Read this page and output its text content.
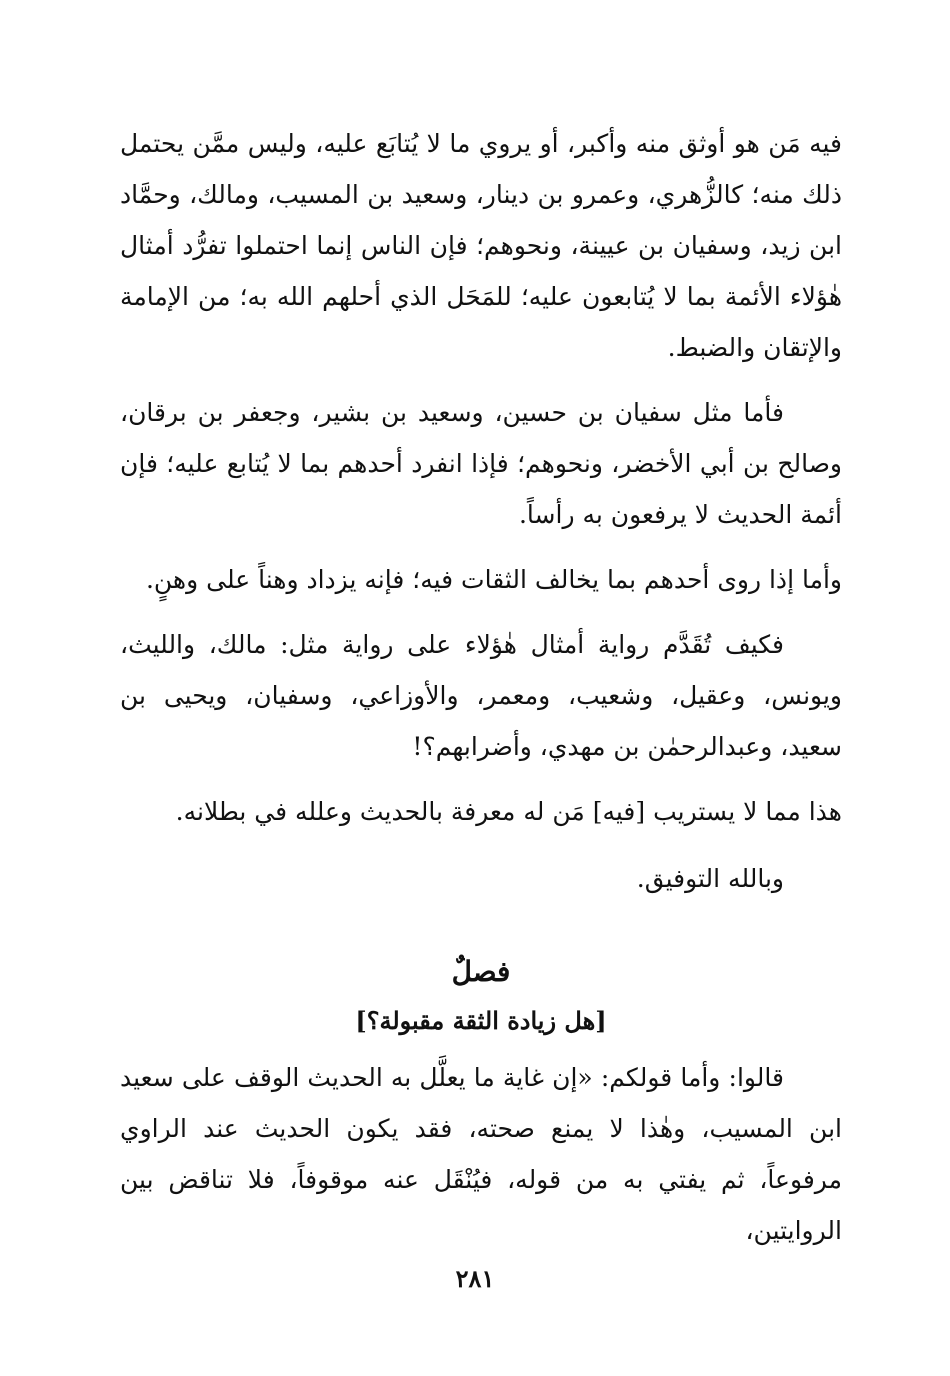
فيه مَن هو أوثق منه وأكبر، أو يروي ما لا يُتابَع عليه، وليس ممَّن يحتمل ذلك منه؛ كالزُّهري، وعمرو بن دينار، وسعيد بن المسيب، ومالك، وحمَّاد ابن زيد، وسفيان بن عيينة، ونحوهم؛ فإن الناس إنما احتملوا تفرُّد أمثال هٰؤلاء الأئمة بما لا يُتابعون عليه؛ للمَحَل الذي أحلهم الله به؛ من الإمامة والإتقان والضبط.

فأما مثل سفيان بن حسين، وسعيد بن بشير، وجعفر بن برقان، وصالح بن أبي الأخضر، ونحوهم؛ فإذا انفرد أحدهم بما لا يُتابع عليه؛ فإن أئمة الحديث لا يرفعون به رأساً.

وأما إذا روى أحدهم بما يخالف الثقات فيه؛ فإنه يزداد وهناً على وهنٍ.

فكيف تُقَدَّم رواية أمثال هٰؤلاء على رواية مثل: مالك، والليث، ويونس، وعقيل، وشعيب، ومعمر، والأوزاعي، وسفيان، ويحيى بن سعيد، وعبدالرحمٰن بن مهدي، وأضرابهم؟!

هذا مما لا يستريب [فيه] مَن له معرفة بالحديث وعلله في بطلانه.

وبالله التوفيق.

فصلٌ
[هل زيادة الثقة مقبولة؟]

قالوا: وأما قولكم: «إن غاية ما يعلَّل به الحديث الوقف على سعيد ابن المسيب، وهٰذا لا يمنع صحته، فقد يكون الحديث عند الراوي مرفوعاً، ثم يفتي به من قوله، فيُنْقَل عنه موقوفاً، فلا تناقض بين الروايتين،

٢٨١
